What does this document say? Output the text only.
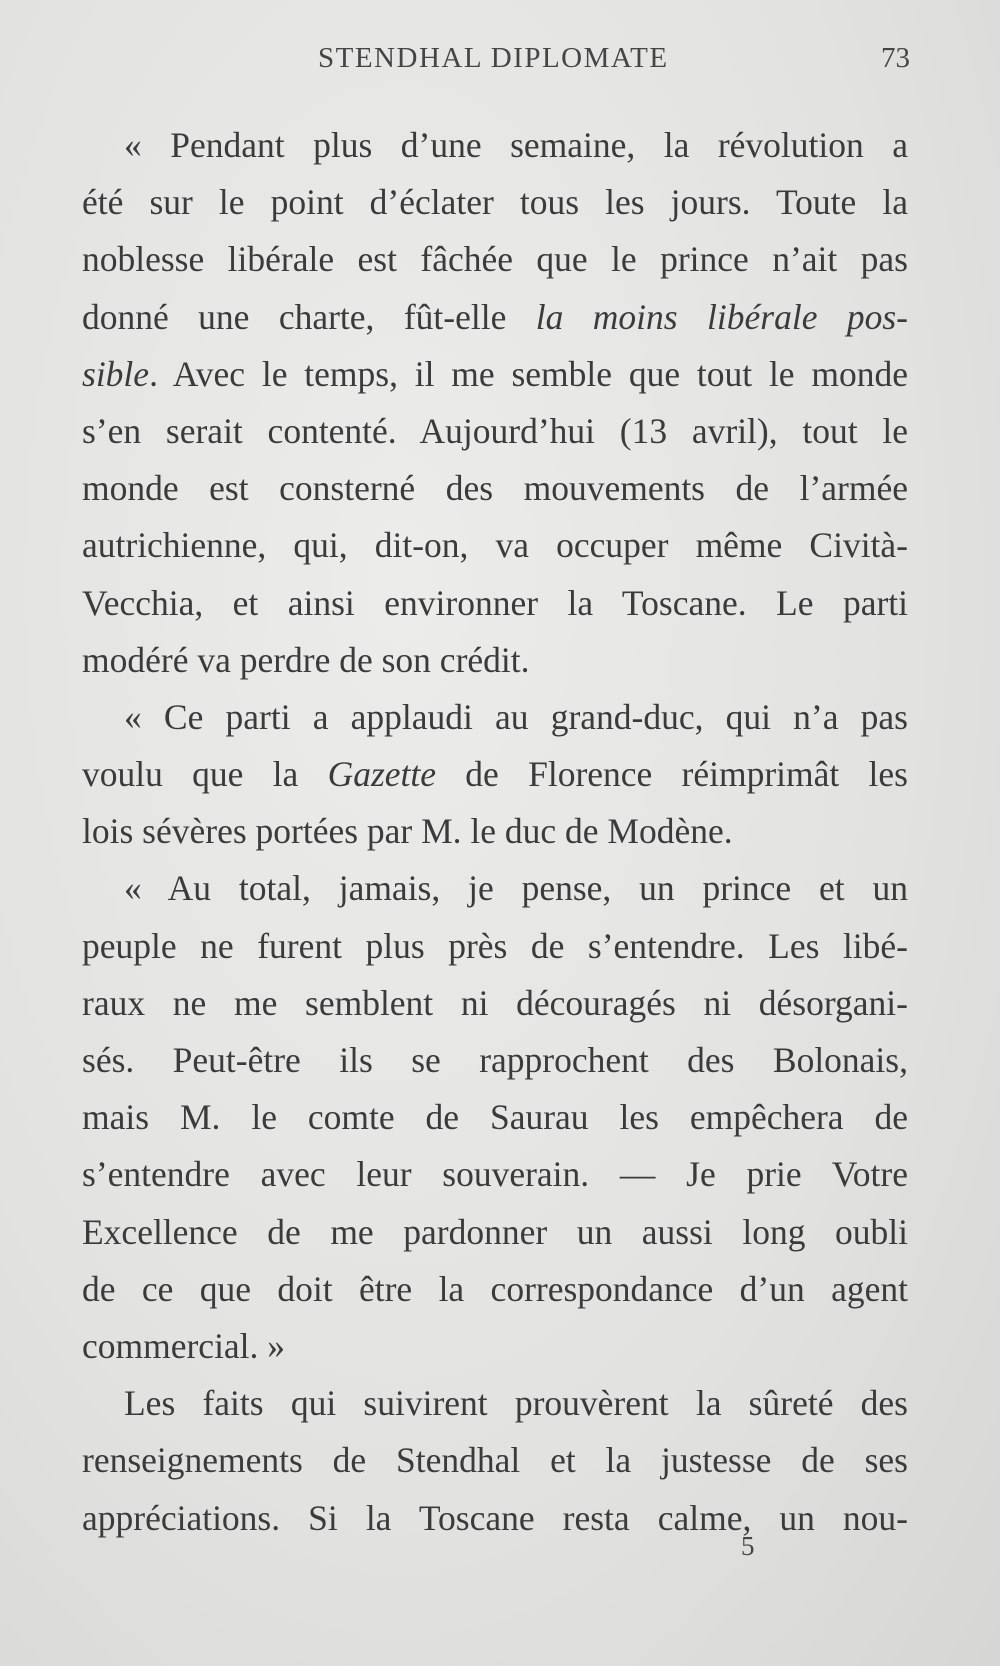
STENDHAL DIPLOMATE	73
« Pendant plus d’une semaine, la révolution a
été sur le point d’éclater tous les jours. Toute la
noblesse libérale est fâchée que le prince n’ait pas
donné une charte, fût-elle la moins libérale pos-
sible. Avec le temps, il me semble que tout le monde
s’en serait contenté. Aujourd’hui (13 avril), tout le
monde est consterné des mouvements de l’armée
autrichienne, qui, dit-on, va occuper même Cività-
Vecchia, et ainsi environner la Toscane. Le parti
modéré va perdre de son crédit.
« Ce parti a applaudi au grand-duc, qui n’a pas
voulu que la Gazette de Florence réimprimât les
lois sévères portées par M. le duc de Modène.
« Au total, jamais, je pense, un prince et un
peuple ne furent plus près de s’entendre. Les libé-
raux ne me semblent ni découragés ni désorgani-
sés. Peut-être ils se rapprochent des Bolonais,
mais M. le comte de Saurau les empêchera de
s’entendre avec leur souverain. — Je prie Votre
Excellence de me pardonner un aussi long oubli
de ce que doit être la correspondance d’un agent
commercial. »
Les faits qui suivirent prouvèrent la sûreté des
renseignements de Stendhal et la justesse de ses
appréciations. Si la Toscane resta calme, un nou-
5
